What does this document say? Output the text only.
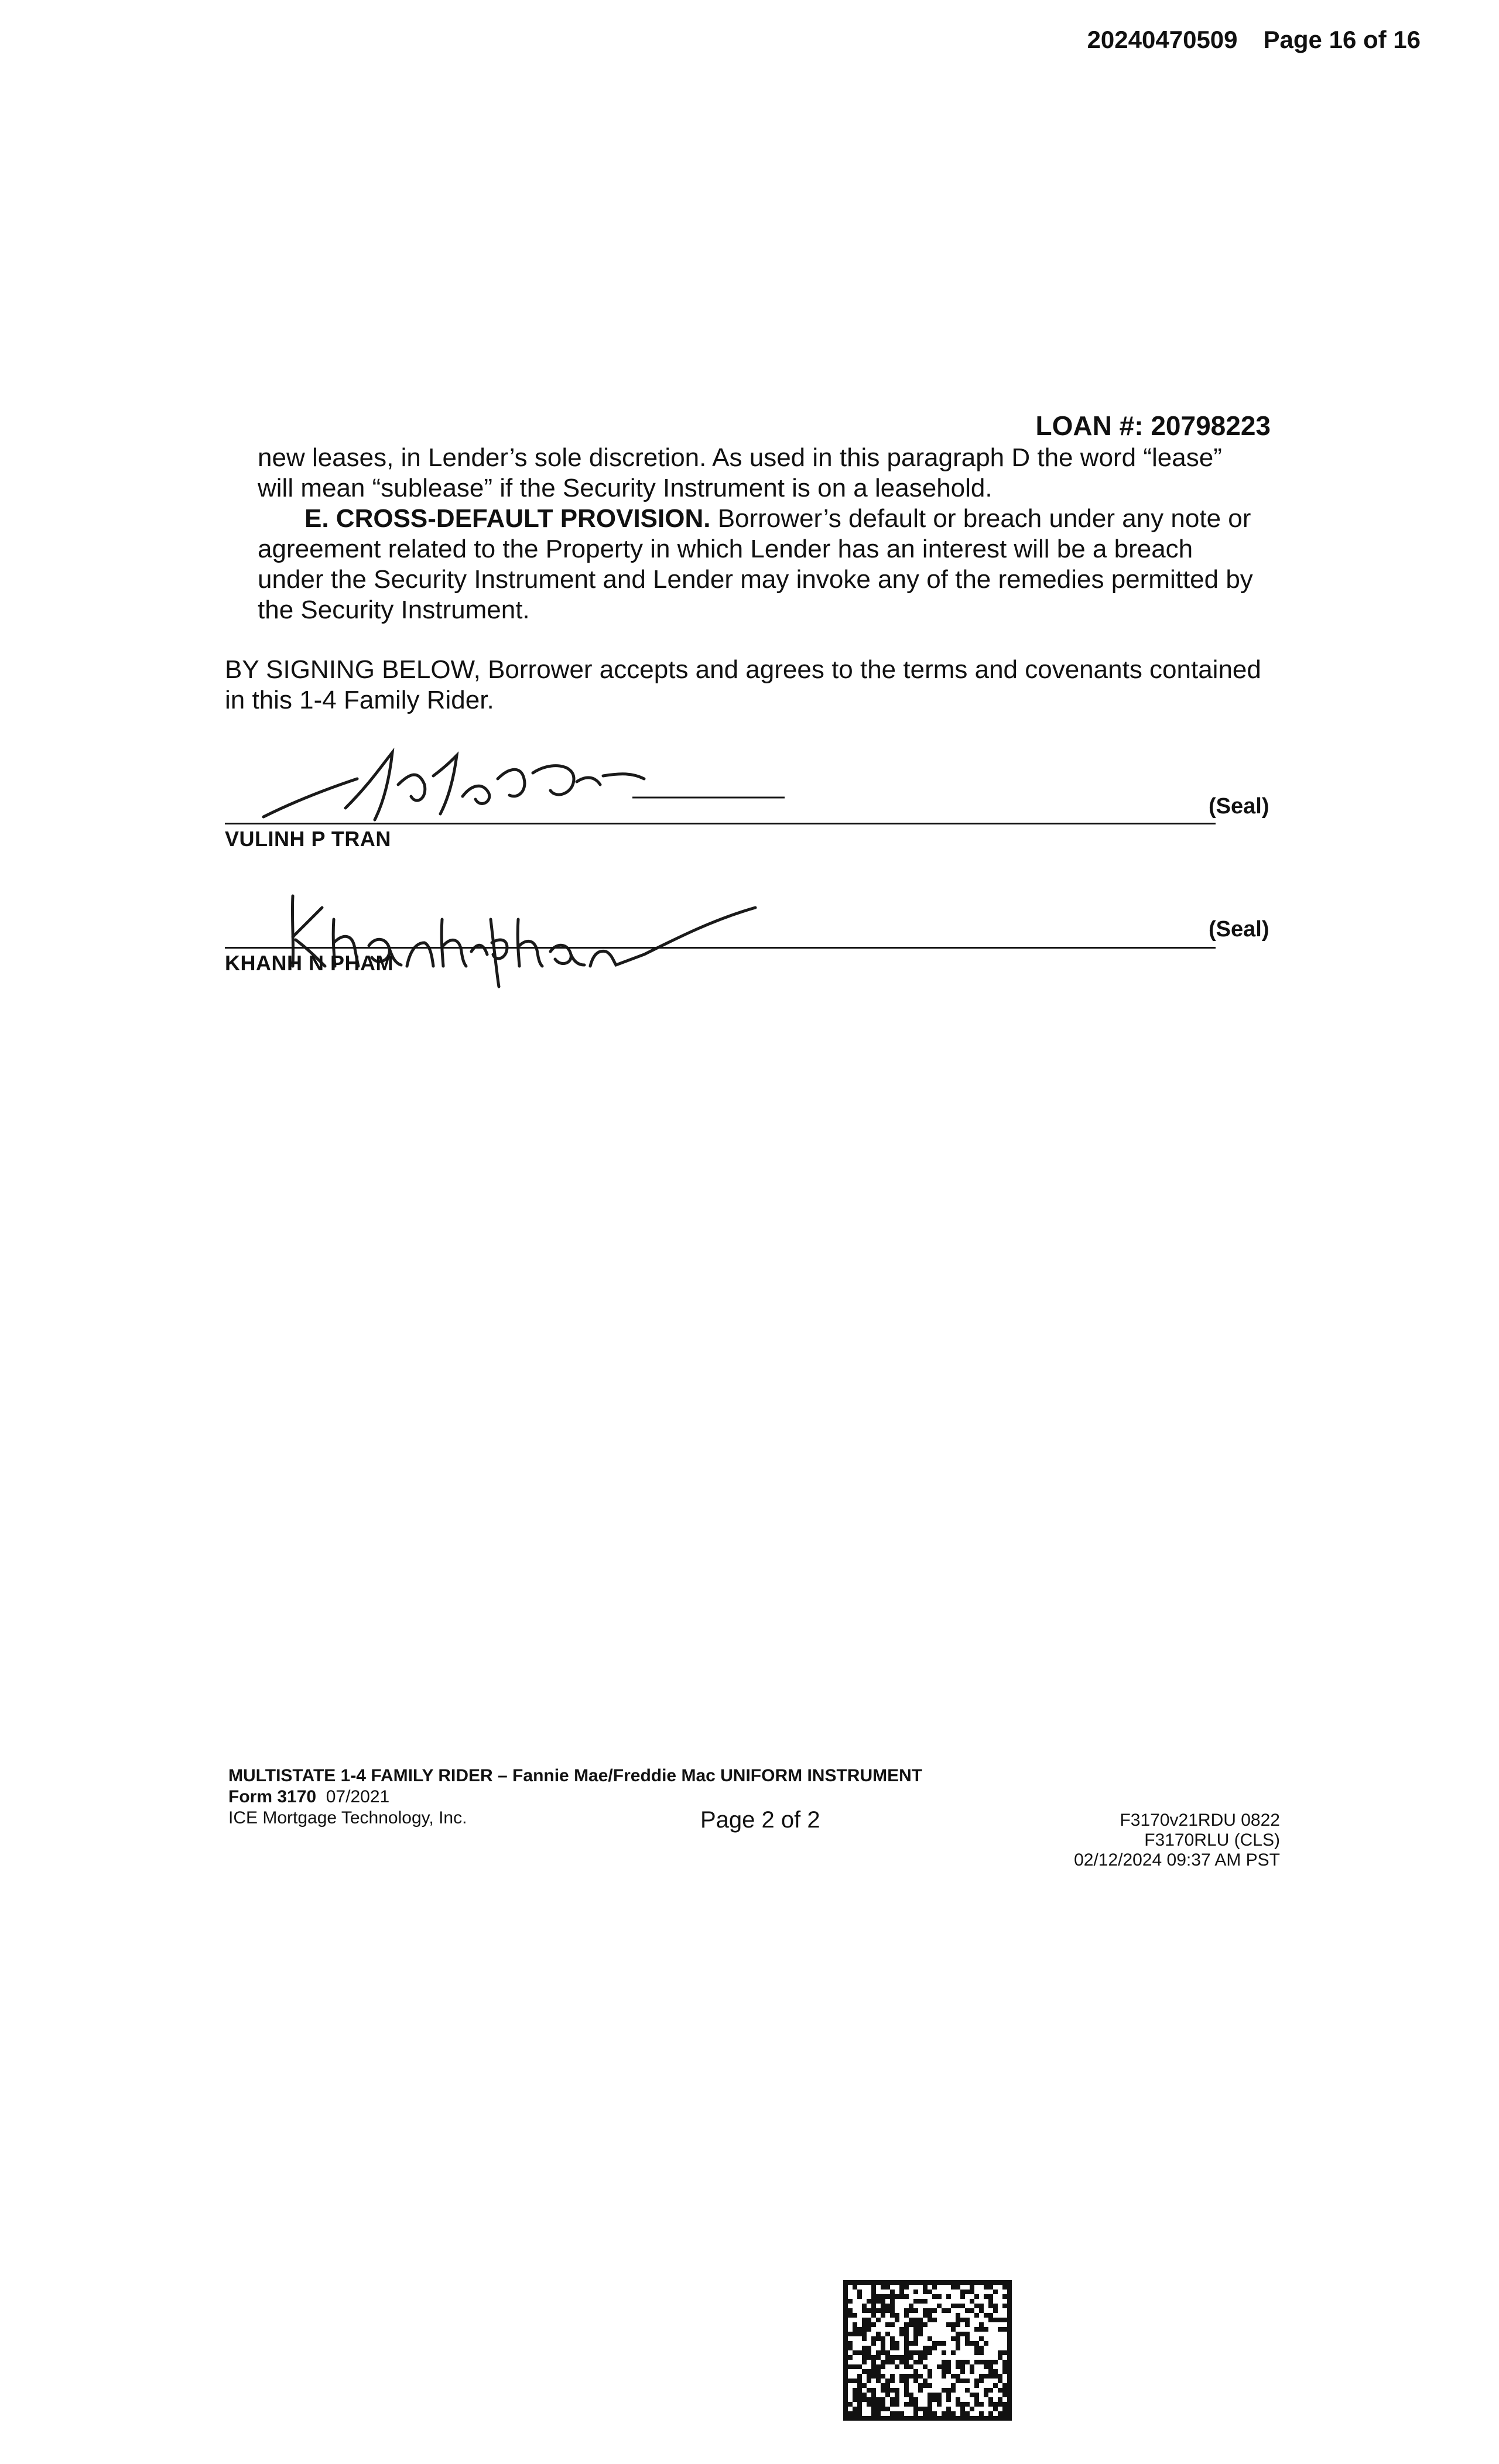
20240470509 Page 16 of 16
LOAN #: 20798223
new leases, in Lender’s sole discretion. As used in this paragraph D the word “lease” will mean “sublease” if the Security Instrument is on a leasehold.
E. CROSS-DEFAULT PROVISION. Borrower’s default or breach under any note or agreement related to the Property in which Lender has an interest will be a breach under the Security Instrument and Lender may invoke any of the remedies permitted by the Security Instrument.
BY SIGNING BELOW, Borrower accepts and agrees to the terms and covenants contained in this 1-4 Family Rider.
VULINH P TRAN
(Seal)
KHANH N PHAM
(Seal)
MULTISTATE 1-4 FAMILY RIDER – Fannie Mae/Freddie Mac UNIFORM INSTRUMENT
Form 3170 07/2021
ICE Mortgage Technology, Inc.	Page 2 of 2	F3170v21RDU 0822
F3170RLU (CLS)
02/12/2024 09:37 AM PST
